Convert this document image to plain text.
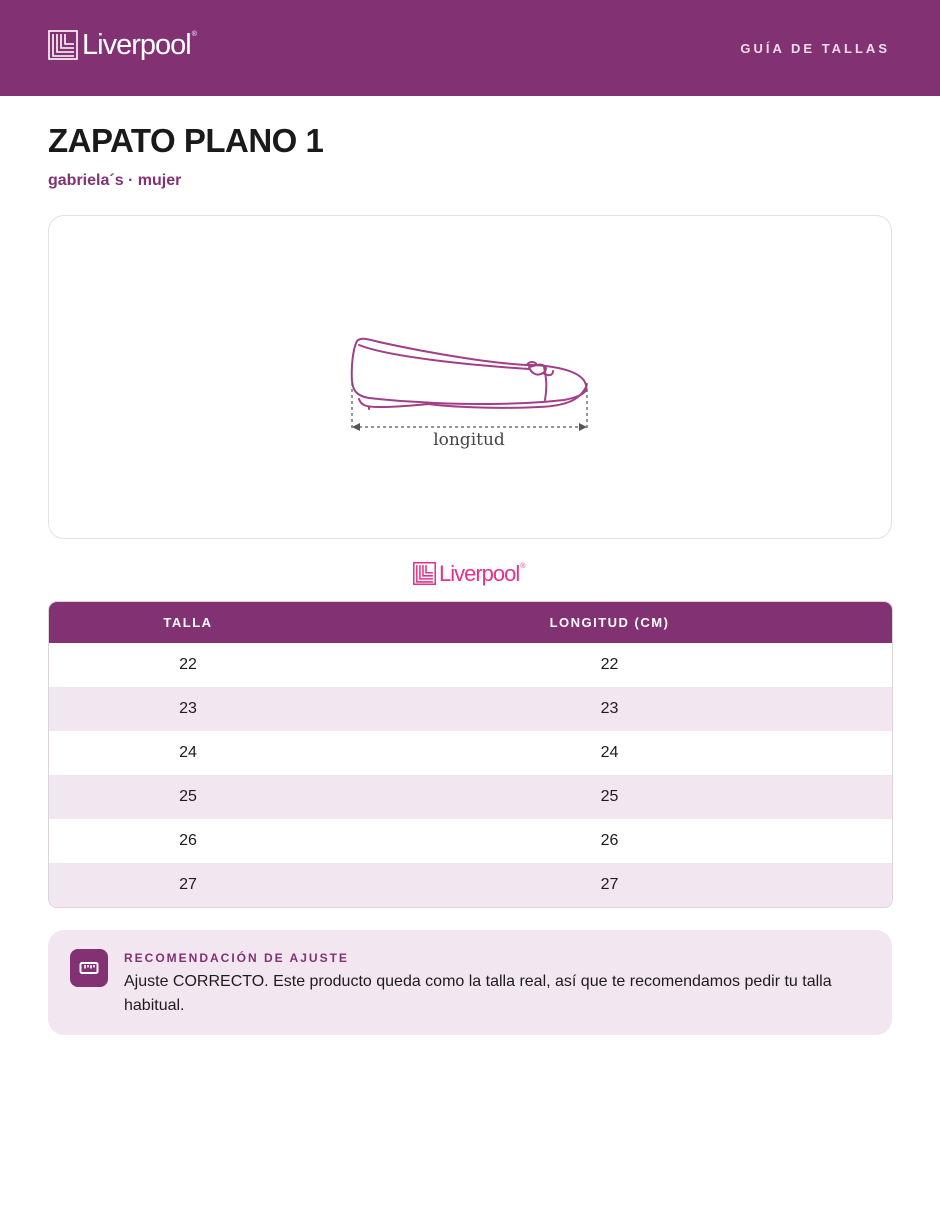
Liverpool®
GUÍA DE TALLAS
ZAPATO PLANO 1
gabriela´s · mujer
longitud
Liverpool®
TALLA	LONGITUD (CM)
22	22
23	23
24	24
25	25
26	26
27	27
RECOMENDACIÓN DE AJUSTE
Ajuste CORRECTO. Este producto queda como la talla real, así que te recomendamos pedir tu talla habitual.
